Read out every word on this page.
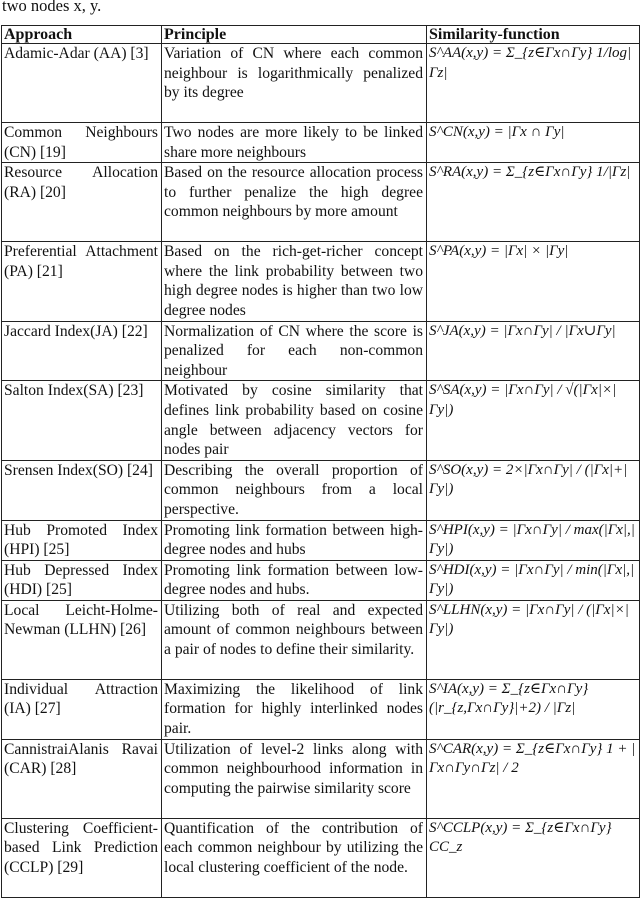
two nodes x, y.
Approach	Principle	Similarity-function
Adamic-Adar (AA) [3]	Variation of CN where each common neighbour is logarithmically penalized by its degree	S^AA(x,y) = Σ_{z∈Γx∩Γy} 1/log|Γz|
Common Neighbours (CN) [19]	Two nodes are more likely to be linked share more neighbours	S^CN(x,y) = |Γx ∩ Γy|
Resource Allocation (RA) [20]	Based on the resource allocation process to further penalize the high degree common neighbours by more amount	S^RA(x,y) = Σ_{z∈Γx∩Γy} 1/|Γz|
Preferential Attachment (PA) [21]	Based on the rich-get-richer concept where the link probability between two high degree nodes is higher than two low degree nodes	S^PA(x,y) = |Γx| × |Γy|
Jaccard Index(JA) [22]	Normalization of CN where the score is penalized for each non-common neighbour	S^JA(x,y) = |Γx∩Γy| / |Γx∪Γy|
Salton Index(SA) [23]	Motivated by cosine similarity that defines link probability based on cosine angle between adjacency vectors for nodes pair	S^SA(x,y) = |Γx∩Γy| / √(|Γx|×|Γy|)
Srensen Index(SO) [24]	Describing the overall proportion of common neighbours from a local perspective.	S^SO(x,y) = 2×|Γx∩Γy| / (|Γx|+|Γy|)
Hub Promoted Index (HPI) [25]	Promoting link formation between high-degree nodes and hubs	S^HPI(x,y) = |Γx∩Γy| / max(|Γx|,|Γy|)
Hub Depressed Index (HDI) [25]	Promoting link formation between low-degree nodes and hubs.	S^HDI(x,y) = |Γx∩Γy| / min(|Γx|,|Γy|)
Local Leicht-Holme-Newman (LLHN) [26]	Utilizing both of real and expected amount of common neighbours between a pair of nodes to define their similarity.	S^LLHN(x,y) = |Γx∩Γy| / (|Γx|×|Γy|)
Individual Attraction (IA) [27]	Maximizing the likelihood of link formation for highly interlinked nodes pair.	S^IA(x,y) = Σ_{z∈Γx∩Γy} (|r_{z,Γx∩Γy}|+2) / |Γz|
CannistraiAlanis Ravai (CAR) [28]	Utilization of level-2 links along with common neighbourhood information in computing the pairwise similarity score	S^CAR(x,y) = Σ_{z∈Γx∩Γy} 1 + |Γx∩Γy∩Γz| / 2
Clustering Coefficient-based Link Prediction (CCLP) [29]	Quantification of the contribution of each common neighbour by utilizing the local clustering coefficient of the node.	S^CCLP(x,y) = Σ_{z∈Γx∩Γy} CC_z
